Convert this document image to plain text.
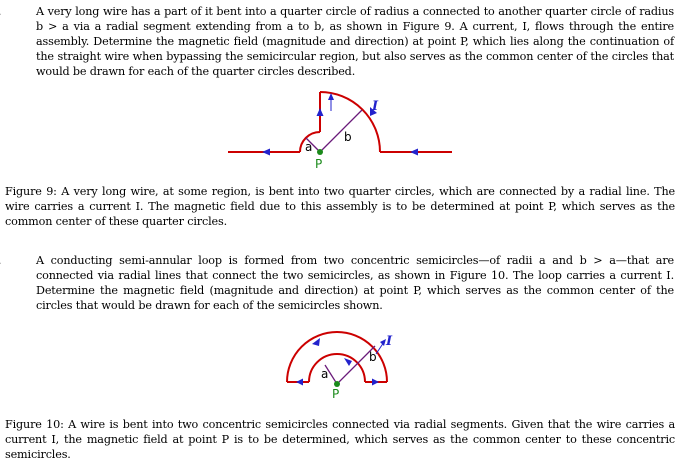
A very long wire has a part of it bent into a quarter circle of radius a connected to another quarter circle of radius b > a via a radial segment extending from a to b, as shown in Figure 9. A current, I, flows through the entire assembly. Determine the magnetic field (magnitude and direction) at point P, which lies along the continuation of the straight wire when bypassing the semicircular region, but also serves as the common center of the circles that would be drawn for each of the quarter circles described.
a
b
I
P
a
b
I
P
Figure 9: A very long wire, at some region, is bent into two quarter circles, which are connected by a radial line. The wire carries a current I. The magnetic field due to this assembly is to be determined at point P, which serves as the common center of these quarter circles.
A conducting semi-annular loop is formed from two concentric semicircles—of radii a and b > a—that are connected via radial lines that connect the two semicircles, as shown in Figure 10. The loop carries a current I. Determine the magnetic field (magnitude and direction) at point P, which serves as the common center of the circles that would be drawn for each of the semicircles shown.
Figure 10: A wire is bent into two concentric semicircles connected via radial segments. Given that the wire carries a current I, the magnetic field at point P is to be determined, which serves as the common center to these concentric semicircles.
